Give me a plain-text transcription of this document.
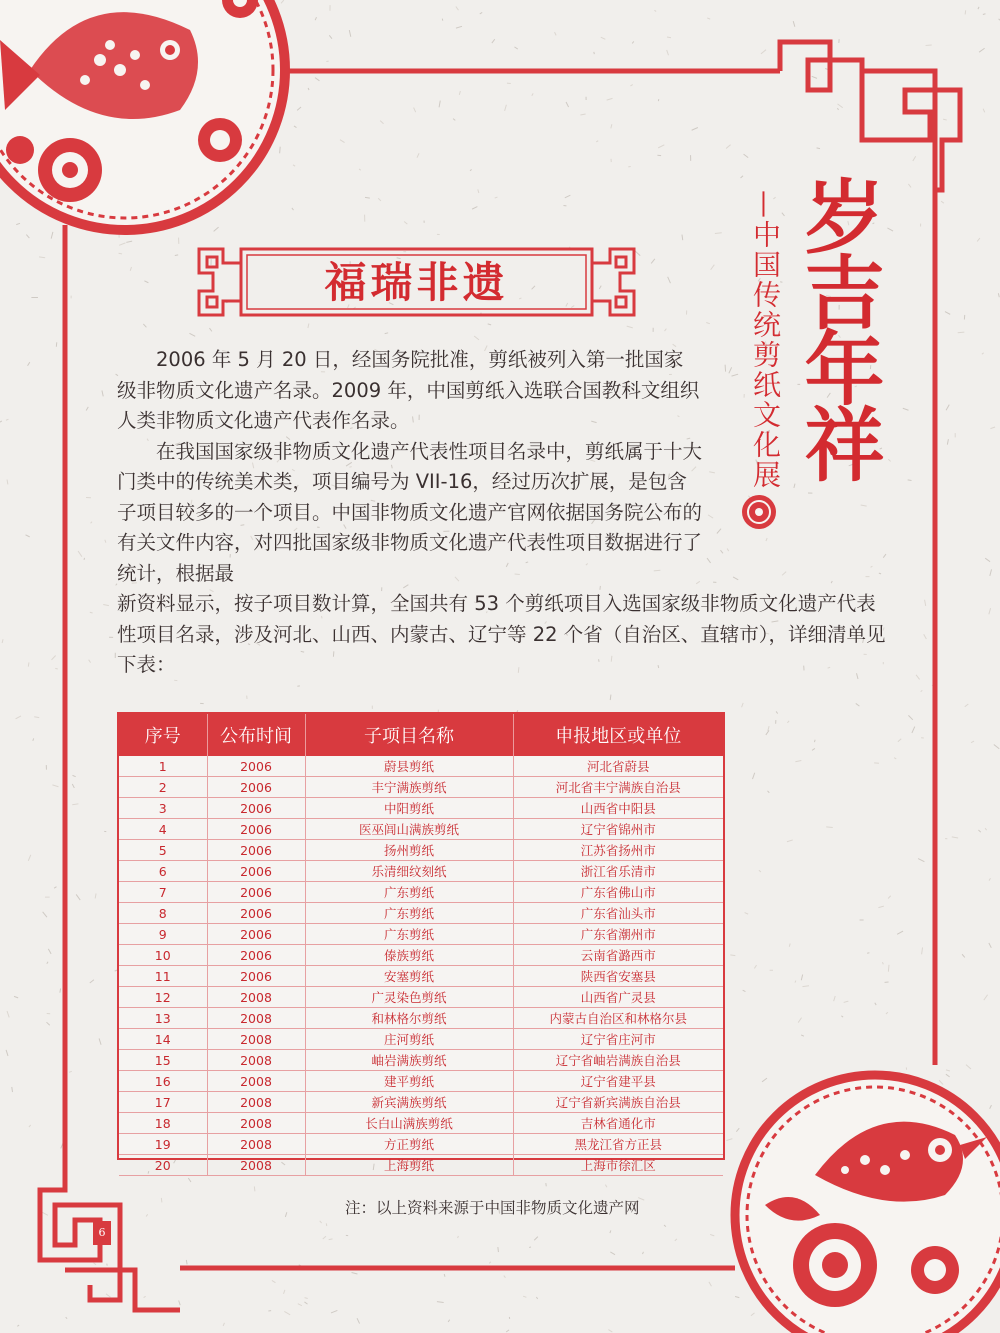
福瑞非遗	岁吉年祥
—中国传统剪纸文化展

2006 年 5 月 20 日，经国务院批准，剪纸被列入第一批国家级非物质文化遗产名录。2009 年，中国剪纸入选联合国教科文组织人类非物质文化遗产代表作名录。

在我国国家级非物质文化遗产代表性项目名录中，剪纸属于十大门类中的传统美术类，项目编号为 VII-16，经过历次扩展，是包含子项目较多的一个项目。中国非物质文化遗产官网依据国务院公布的有关文件内容，对四批国家级非物质文化遗产代表性项目数据进行了统计，根据最

新资料显示，按子项目数计算，全国共有 53 个剪纸项目入选国家级非物质文化遗产代表性项目名录，涉及河北、山西、内蒙古、辽宁等 22 个省（自治区、直辖市），详细清单见下表：

序号	公布时间	子项目名称	申报地区或单位
1	2006	蔚县剪纸	河北省蔚县
2	2006	丰宁满族剪纸	河北省丰宁满族自治县
3	2006	中阳剪纸	山西省中阳县
4	2006	医巫闾山满族剪纸	辽宁省锦州市
5	2006	扬州剪纸	江苏省扬州市
6	2006	乐清细纹刻纸	浙江省乐清市
7	2006	广东剪纸	广东省佛山市
8	2006	广东剪纸	广东省汕头市
9	2006	广东剪纸	广东省潮州市
10	2006	傣族剪纸	云南省潞西市
11	2006	安塞剪纸	陕西省安塞县
12	2008	广灵染色剪纸	山西省广灵县
13	2008	和林格尔剪纸	内蒙古自治区和林格尔县
14	2008	庄河剪纸	辽宁省庄河市
15	2008	岫岩满族剪纸	辽宁省岫岩满族自治县
16	2008	建平剪纸	辽宁省建平县
17	2008	新宾满族剪纸	辽宁省新宾满族自治县
18	2008	长白山满族剪纸	吉林省通化市
19	2008	方正剪纸	黑龙江省方正县
20	2008	上海剪纸	上海市徐汇区
注：以上资料来源于中国非物质文化遗产网
6
